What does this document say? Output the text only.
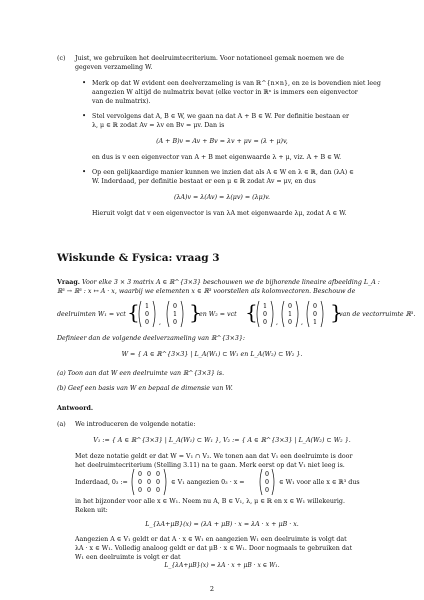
(c) Juist, we gebruiken het deelruimtecriterium. Voor notationeel gemak noemen we de
gegeven verzameling W.
• Merk op dat W evident een deelverzameling is van ℝ^{n×n}, en ze is bovendien niet leeg
aangezien W altijd de nulmatrix bevat (elke vector in ℝⁿ is immers een eigenvector
van de nulmatrix).
• Stel vervolgens dat A, B ∈ W, we gaan na dat A + B ∈ W. Per definitie bestaan er
λ, μ ∈ ℝ zodat Av = λv en Bv = μv. Dan is
(A + B)v = Av + Bv = λv + μv = (λ + μ)v,
en dus is v een eigenvector van A + B met eigenwaarde λ + μ, viz. A + B ∈ W.
• Op een gelijkaardige manier kunnen we inzien dat als A ∈ W en λ ∈ ℝ, dan (λA) ∈
W. Inderdaad, per definitie bestaat er een μ ∈ ℝ zodat Av = μv, en dus
(λA)v = λ(Av) = λ(μv) = (λμ)v.
Hieruit volgt dat v een eigenvector is van λA met eigenwaarde λμ, zodat A ∈ W.
Wiskunde & Fysica: vraag 3
Vraag. Voor elke 3 × 3 matrix A ∈ ℝ^{3×3} beschouwen we de bijhorende lineaire afbeelding L_A :
ℝ³ → ℝ³ : x ↦ A · x, waarbij we elementen x ∈ ℝ³ voorstellen als kolomvectoren. Beschouw de
deelruimten W₁ = vct { 1
0
0 ,
0
1
0 }
en W₂ = vct { 1
0
0 ,
0
1
0 ,
0
0
1 }
van de vectorruimte ℝ³.
Definieer dan de volgende deelverzameling van ℝ^{3×3}:
W = { A ∈ ℝ^{3×3} | L_A(W₁) ⊂ W₁ en L_A(W₂) ⊂ W₂ }.
(a) Toon aan dat W een deelruimte van ℝ^{3×3} is.
(b) Geef een basis van W en bepaal de dimensie van W.
Antwoord.
(a) We introduceren de volgende notatie:
V₁ := { A ∈ ℝ^{3×3} | L_A(W₁) ⊂ W₁ }, V₂ := { A ∈ ℝ^{3×3} | L_A(W₂) ⊂ W₂ }.
Met deze notatie geldt er dat W = V₁ ∩ V₂. We tonen aan dat V₁ een deelruimte is door
het deelruimtecriterium (Stelling 3.11) na te gaan. Merk eerst op dat V₁ niet leeg is.
Inderdaad, 0₃ :=
0 0 0
0 0 0
0 0 0
∈ V₁ aangezien 0₃ · x =
0
0
0
∈ W₁ voor alle x ∈ ℝ³ dus
in het bijzonder voor alle x ∈ W₁. Neem nu A, B ∈ V₁, λ, μ ∈ ℝ en x ∈ W₁ willekeurig.
Reken uit:
L_{λA+μB}(x) = (λA + μB) · x = λA · x + μB · x.
Aangezien A ∈ V₁ geldt er dat A · x ∈ W₁ en aangezien W₁ een deelruimte is volgt dat
λA · x ∈ W₁. Volledig analoog geldt er dat μB · x ∈ W₁. Door nogmaals te gebruiken dat
W₁ een deelruimte is volgt er dat
L_{λA+μB}(x) = λA · x + μB · x ∈ W₁.
2
